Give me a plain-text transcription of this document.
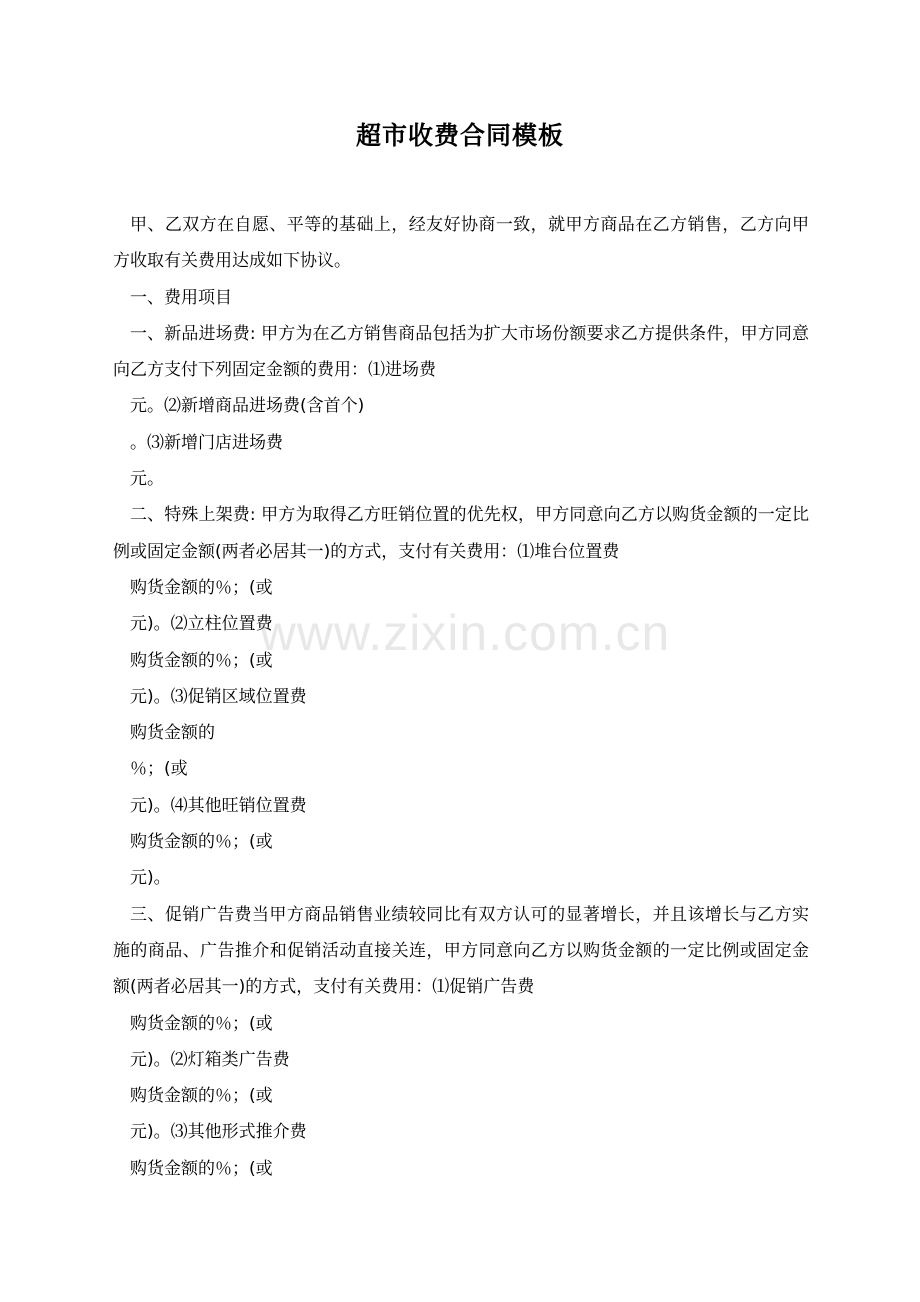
超市收费合同模板

甲、乙双方在自愿、平等的基础上，经友好协商一致，就甲方商品在乙方销售，乙方向甲方收取有关费用达成如下协议。

一、费用项目

一、新品进场费: 甲方为在乙方销售商品包括为扩大市场份额要求乙方提供条件，甲方同意向乙方支付下列固定金额的费用：⑴进场费

元。⑵新增商品进场费(含首个)

。⑶新增门店进场费

元。

二、特殊上架费: 甲方为取得乙方旺销位置的优先权，甲方同意向乙方以购货金额的一定比例或固定金额(两者必居其一)的方式，支付有关费用：⑴堆台位置费

购货金额的％；(或

元)。⑵立柱位置费

购货金额的％；(或

元)。⑶促销区域位置费

购货金额的

％；(或

元)。⑷其他旺销位置费

购货金额的％；(或

元)。

三、促销广告费当甲方商品销售业绩较同比有双方认可的显著增长，并且该增长与乙方实施的商品、广告推介和促销活动直接关连，甲方同意向乙方以购货金额的一定比例或固定金额(两者必居其一)的方式，支付有关费用：⑴促销广告费

购货金额的％；(或

元)。⑵灯箱类广告费

购货金额的％；(或

元)。⑶其他形式推介费

购货金额的％；(或

www.zixin.com.cn
